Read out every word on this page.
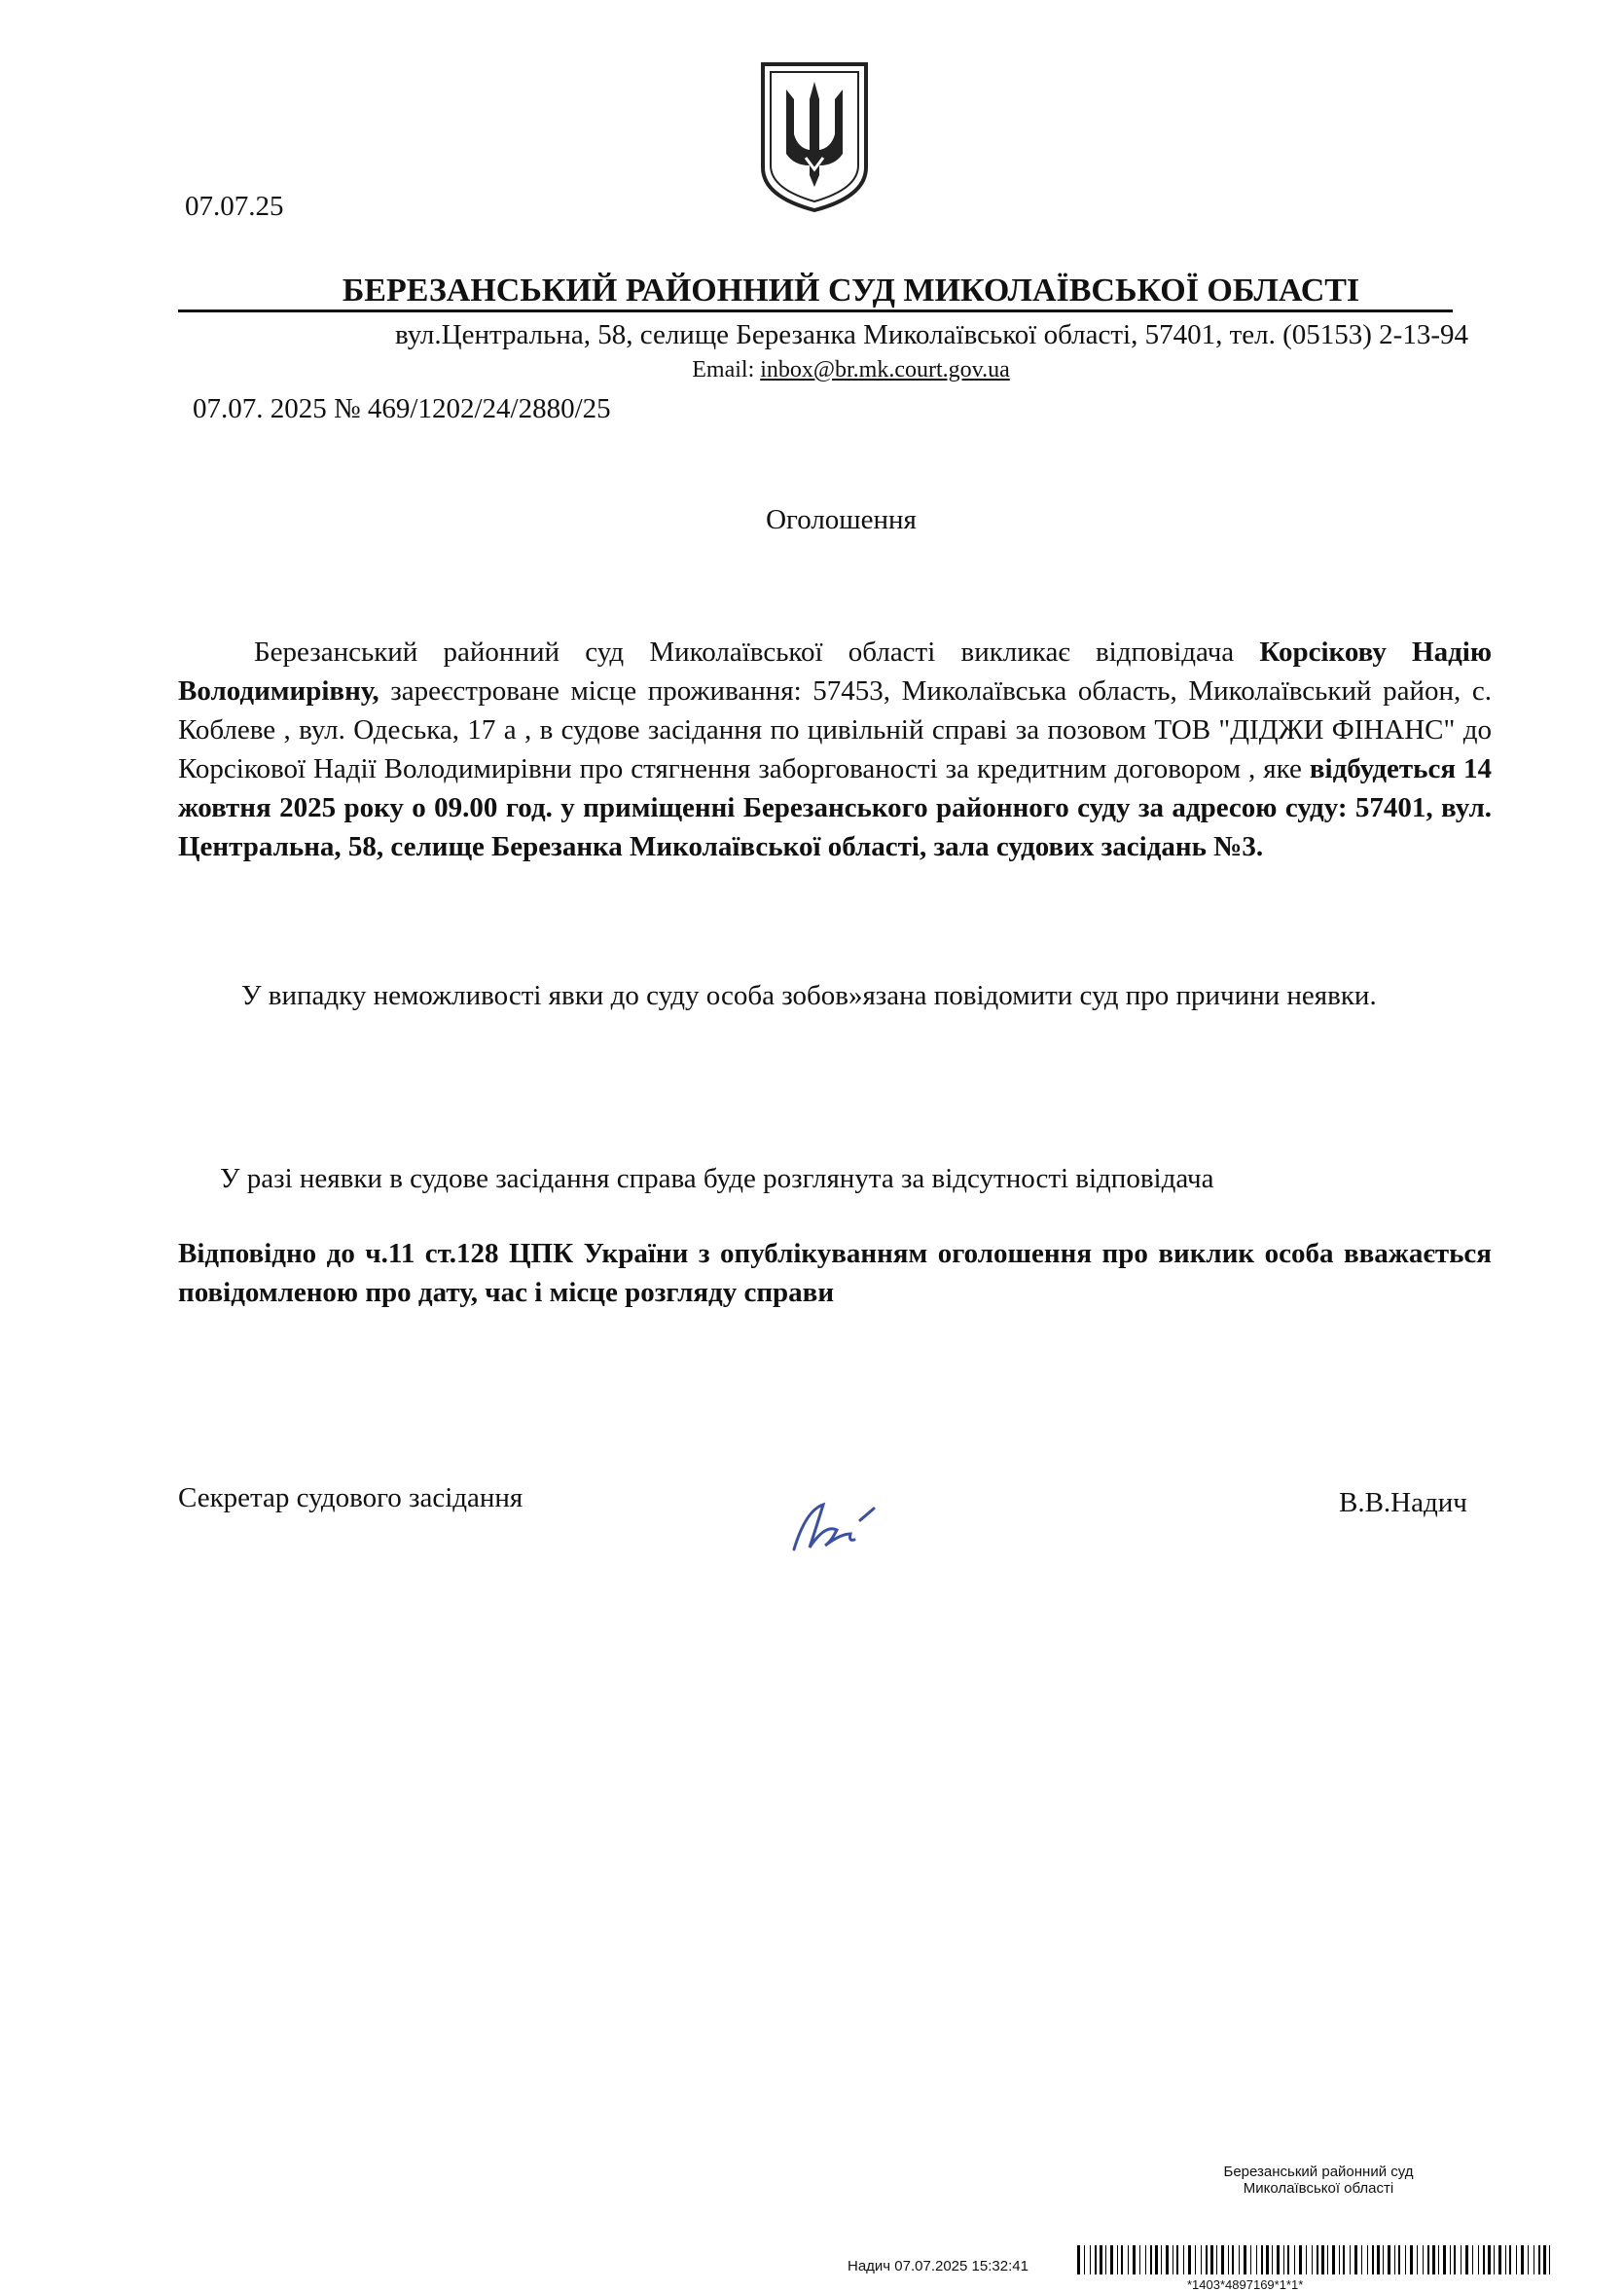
07.07.25
БЕРЕЗАНСЬКИЙ РАЙОННИЙ СУД МИКОЛАЇВСЬКОЇ ОБЛАСТІ
вул.Центральна, 58, селище Березанка Миколаївської області, 57401, тел. (05153) 2-13-94
Email: inbox@br.mk.court.gov.ua
07.07. 2025 № 469/1202/24/2880/25
Оголошення
Березанський районний суд Миколаївської області викликає відповідача Корсікову Надію Володимирівну, зареєстроване місце проживання: 57453, Миколаївська область, Миколаївський район, с. Коблеве , вул. Одеська, 17 а , в судове засідання по цивільній справі за позовом ТОВ "ДІДЖИ ФІНАНС" до Корсікової Надії Володимирівни про стягнення заборгованості за кредитним договором , яке відбудеться 14 жовтня 2025 року о 09.00 год. у приміщенні Березанського районного суду за адресою суду: 57401, вул. Центральна, 58, селище Березанка Миколаївської області, зала судових засідань №3.
У випадку неможливості явки до суду особа зобов»язана повідомити суд про причини неявки.
У разі неявки в судове засідання справа буде розглянута за відсутності відповідача
Відповідно до ч.11 ст.128 ЦПК України з опублікуванням оголошення про виклик особа вважається повідомленою про дату, час і місце розгляду справи
Секретар судового засідання	В.В.Надич
Березанський районний суд
Миколаївської області
Надич 07.07.2025 15:32:41
*1403*4897169*1*1*
